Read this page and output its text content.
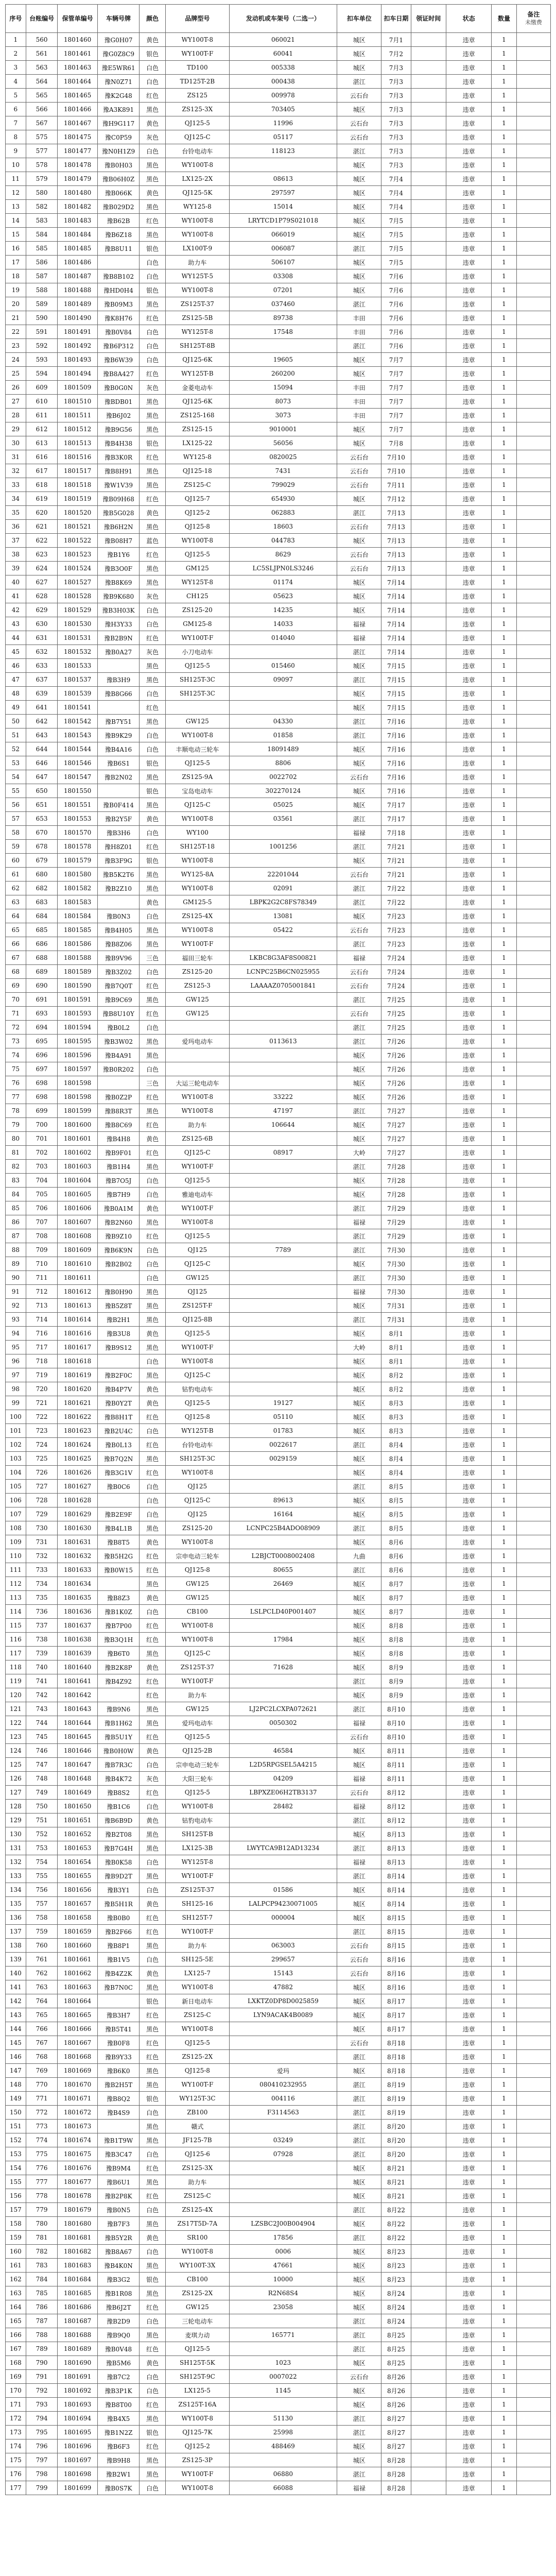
序号	台账编号	保管单编号	车辆号牌	颜色	品牌型号	发动机或车架号（二选一）	扣车单位	扣车日期	领证时间	状态	数量	备注
未缴费
1	560	1801460	豫G0H07	黄色	WY100T-8	060021	城区	7月1		违章	1	
2	561	1801461	豫G0Z8C9	银色	WY100T-F	60041	城区	7月2		违章	1	
3	563	1801463	豫E5WR61	白色	TD100	005338	城区	7月3		违章	1	
4	564	1801464	豫N0Z71	白色	TD125T-2B	000438	湛江	7月3		违章	1	
5	565	1801465	豫K2G48	红色	ZS125	009978	云石台	7月3		违章	1	
6	566	1801466	豫A3K891	黑色	ZS125-3X	703405	城区	7月3		违章	1	
7	567	1801467	豫H9G117	黄色	QJ125-5	11996	云石台	7月3		违章	1	
8	575	1801475	豫C0P59	灰色	QJ125-C	05117	云石台	7月3		违章	1	
9	577	1801477	豫N0H1Z9	白色	台铃电动车	118123	湛江	7月3		违章	1	
10	578	1801478	豫B0H03	黑色	WY100T-8		城区	7月3		违章	1	
11	579	1801479	豫B06H0Z	黑色	LX125-2X	08613	城区	7月4		违章	1	
12	580	1801480	豫B066K	黄色	QJ125-5K	297597	城区	7月4		违章	1	
13	582	1801482	豫B029D2	黑色	WY125-8	15014	城区	7月4		违章	1	
14	583	1801483	豫B62B	红色	WY100T-8	LRYTCD1P79S021018	城区	7月5		违章	1	
15	584	1801484	豫B6Z18	黑色	WY100T-8	066019	城区	7月5		违章	1	
16	585	1801485	豫B8U11	银色	LX100T-9	006087	湛江	7月5		违章	1	
17	586	1801486		白色	助力车	506107	城区	7月5		违章	1	
18	587	1801487	豫B8B102	白色	WY125T-5	03308	城区	7月6		违章	1	
19	588	1801488	豫HD0H4	银色	WY100T-8	07201	城区	7月6		违章	1	
20	589	1801489	豫B09M3	黑色	ZS125T-37	037460	湛江	7月6		违章	1	
21	590	1801490	豫K8H76	红色	ZS125-5B	89738	丰田	7月6		违章	1	
22	591	1801491	豫B0V84	白色	WY125T-8	17548	丰田	7月6		违章	1	
23	592	1801492	豫B6P312	白色	SH125T-8B		湛江	7月6		违章	1	
24	593	1801493	豫B6W39	白色	QJ125-6K	19605	城区	7月7		违章	1	
25	594	1801494	豫B8A427	红色	WY125T-B	260200	城区	7月7		违章	1	
26	609	1801509	豫B0G0N	灰色	金菱电动车	15094	丰田	7月7		违章	1	
27	610	1801510	豫BDB01	黑色	QJ125-6K	8073	丰田	7月7		违章	1	
28	611	1801511	豫B6J02	黑色	ZS125-168	3073	丰田	7月7		违章	1	
29	612	1801512	豫B9G56	黑色	ZS125-15	9010001	城区	7月7		违章	1	
30	613	1801513	豫B4H38	银色	LX125-22	56056	城区	7月8		违章	1	
31	616	1801516	豫B3K0R	红色	WY125-8	0820025	云石台	7月10		违章	1	
32	617	1801517	豫B8H91	黑色	QJ125-18	7431	云石台	7月10		违章	1	
33	618	1801518	豫W1V39	黑色	ZS125-C	799029	云石台	7月11		违章	1	
34	619	1801519	豫B09H68	红色	QJ125-7	654930	城区	7月12		违章	1	
35	620	1801520	豫B5G028	黄色	QJ125-2	062883	湛江	7月13		违章	1	
36	621	1801521	豫B6H2N	黑色	QJ125-8	18603	云石台	7月13		违章	1	
37	622	1801522	豫B08H7	蓝色	WY100T-8	044783	城区	7月13		违章	1	
38	623	1801523	豫B1Y6	红色	QJ125-5	8629	云石台	7月13		违章	1	
39	624	1801524	豫B3O0F	黑色	GM125	LC5SLJPN0LS3246	云石台	7月13		违章	1	
40	627	1801527	豫B8K69	黑色	WY125T-8	01174	城区	7月14		违章	1	
41	628	1801528	豫B9K680	灰色	CH125	05623	城区	7月14		违章	1	
42	629	1801529	豫B3H03K	白色	ZS125-20	14235	城区	7月14		违章	1	
43	630	1801530	豫H3Y33	白色	GM125-8	14033	福禄	7月14		违章	1	
44	631	1801531	豫B2B9N	红色	WY100T-F	014040	福禄	7月14		违章	1	
45	632	1801532	豫B0A27	灰色	小刀电动车		湛江	7月14		违章	1	
46	633	1801533		黑色	QJ125-5	015460	城区	7月15		违章	1	
47	637	1801537	豫B3H9	黑色	SH125T-3C	09097	湛江	7月15		违章	1	
48	639	1801539	豫B8G66	白色	SH125T-3C		城区	7月15		违章	1	
49	641	1801541		红色			城区	7月15		违章	1	
50	642	1801542	豫B7Y51	黑色	GW125	04330	湛江	7月16		违章	1	
51	643	1801543	豫B9K29	白色	WY100T-8	01858	湛江	7月16		违章	1	
52	644	1801544	豫B4A16	白色	丰顺电动三轮车	18091489	城区	7月16		违章	1	
53	646	1801546	豫B6S1	银色	QJ125-5	8806	城区	7月16		违章	1	
54	647	1801547	豫B2N02	黑色	ZS125-9A	0022702	云石台	7月16		违章	1	
55	650	1801550		银色	宝岛电动车	302270124	城区	7月16		违章	1	
56	651	1801551	豫B0F414	黑色	QJ125-C	05025	城区	7月17		违章	1	
57	653	1801553	豫B2Y5F	黄色	WY100T-8	03561	湛江	7月17		违章	1	
58	670	1801570	豫B3H6	白色	WY100		福禄	7月18		违章	1	
59	678	1801578	豫H8Z01	红色	SH125T-18	1001256	湛江	7月21		违章	1	
60	679	1801579	豫B3F9G	银色	WY100T-8		城区	7月21		违章	1	
61	680	1801580	豫B5K2T6	黑色	WY125-8A	22201044	云石台	7月21		违章	1	
62	682	1801582	豫B2Z10	黑色	WY100T-8	02091	湛江	7月22		违章	1	
63	683	1801583		黄色	GM125-5	LBPK2G2C8FS78349	湛江	7月22		违章	1	
64	684	1801584	豫B0N3	白色	ZS125-4X	13081	城区	7月23		违章	1	
65	685	1801585	豫B4H05	黑色	WY100T-8	05422	云石台	7月23		违章	1	
66	686	1801586	豫B8Z06	黑色	WY100T-F		湛江	7月23		违章	1	
67	688	1801588	豫B9V96	三色	福田三轮车	LKBC8G3AF8S00821	福禄	7月24		违章	1	
68	689	1801589	豫B3Z02	白色	ZS125-20	LCNPC25B6CN025955	云石台	7月24		违章	1	
69	690	1801590	豫B7Q0T	红色	ZS125-3	LAAAAZ0705001841	云石台	7月24		违章	1	
70	691	1801591	豫B9C69	黑色	GW125		湛江	7月25		违章	1	
71	693	1801593	豫B8U10Y	红色	GW125		云石台	7月25		违章	1	
72	694	1801594	豫B0L2	白色			湛江	7月25		违章	1	
73	695	1801595	豫B3W02	黑色	爱玛电动车	0113613	湛江	7月26		违章	1	
74	696	1801596	豫B4A91	黑色			城区	7月26		违章	1	
75	697	1801597	豫B0R202	白色			城区	7月26		违章	1	
76	698	1801598		三色	大运三轮电动车		城区	7月26		违章	1	
77	698	1801598	豫B0Z2P	红色	WY100T-8	33222	城区	7月26		违章	1	
78	699	1801599	豫B8R3T	黑色	WY100T-8	47197	湛江	7月27		违章	1	
79	700	1801600	豫B8C69	红色	助力车	106644	城区	7月27		违章	1	
80	701	1801601	豫B4H8	黄色	ZS125-6B		城区	7月27		违章	1	
81	702	1801602	豫B9F01	红色	QJ125-C	08917	大岭	7月27		违章	1	
82	703	1801603	豫B1H4	黑色	WY100T-F		湛江	7月28		违章	1	
83	704	1801604	豫B7O5J	白色	QJ125-5		城区	7月28		违章	1	
84	705	1801605	豫B7H9	白色	雅迪电动车		城区	7月28		违章	1	
85	706	1801606	豫B0A1M	黄色	WY100T-F		湛江	7月29		违章	1	
86	707	1801607	豫B2N60	黑色	WY100T-8		福禄	7月29		违章	1	
87	708	1801608	豫B9Z10	红色	QJ125-5		湛江	7月29		违章	1	
88	709	1801609	豫B6K9N	白色	QJ125	7789	湛江	7月30		违章	1	
89	710	1801610	豫B2B02	白色	QJ125-C		城区	7月30		违章	1	
90	711	1801611		白色	GW125		湛江	7月30		违章	1	
91	712	1801612	豫B0H90	黑色	QJ125		福禄	7月30		违章	1	
92	713	1801613	豫B5Z8T	黑色	ZS125T-F		城区	7月31		违章	1	
93	714	1801614	豫B2H1	黑色	QJ125-8B		湛江	7月31		违章	1	
94	716	1801616	豫B3U8	黄色	QJ125-5		城区	8月1		违章	1	
95	717	1801617	豫B9S12	黑色	WY100T-F		大岭	8月1		违章	1	
96	718	1801618		白色	WY100T-8		城区	8月1		违章	1	
97	719	1801619	豫B2F0C	黑色	QJ125-C		城区	8月2		违章	1	
98	720	1801620	豫B4P7V	黄色	钻豹电动车		城区	8月2		违章	1	
99	721	1801621	豫B0Y2T	黄色	QJ125-5	19127	城区	8月3		违章	1	
100	722	1801622	豫B8H1T	红色	QJ125-8	05110	城区	8月3		违章	1	
101	723	1801623	豫B2U4C	白色	WY125T-B	01783	城区	8月3		违章	1	
102	724	1801624	豫B0L13	红色	台铃电动车	0022617	湛江	8月4		违章	1	
103	725	1801625	豫B7Q2N	黑色	SH125T-3C	0029159	城区	8月4		违章	1	
104	726	1801626	豫B3G1V	红色	WY100T-8		城区	8月4		违章	1	
105	727	1801627	豫B0C6	白色	QJ125		湛江	8月5		违章	1	
106	728	1801628		白色	QJ125-C	89613	城区	8月5		违章	1	
107	729	1801629	豫B2E9F	白色	QJ125	16164	城区	8月5		违章	1	
108	730	1801630	豫B4L1B	黑色	ZS125-20	LCNPC25B4ADO08909	湛江	8月5		违章	1	
109	731	1801631	豫B8T5	黄色	WY100T-8		城区	8月6		违章	1	
110	732	1801632	豫B5H2G	红色	宗申电动三轮车	L2BJCT0008002408	九曲	8月6		违章	1	
111	733	1801633	豫B0W15	红色	QJ125-8	80655	湛江	8月6		违章	1	
112	734	1801634		黑色	GW125	26469	城区	8月7		违章	1	
113	735	1801635	豫B8Z3	黄色	GW125		城区	8月7		违章	1	
114	736	1801636	豫B1K0Z	白色	CB100	LSLPCLD40P001407	城区	8月7		违章	1	
115	737	1801637	豫B7P00	红色	WY100T-8		城区	8月8		违章	1	
116	738	1801638	豫B3Q1H	红色	WY100T-8	17984	城区	8月8		违章	1	
117	739	1801639	豫B6T0	黑色	QJ125-C		城区	8月8		违章	1	
118	740	1801640	豫B2K8P	黄色	ZS125T-37	71628	城区	8月9		违章	1	
119	741	1801641	豫B4Z92	红色	WY100T-F		湛江	8月9		违章	1	
120	742	1801642		红色	助力车		城区	8月9		违章	1	
121	743	1801643	豫B9N6	黑色	GW125	LJ2PC2LCXPA072621	湛江	8月10		违章	1	
122	744	1801644	豫B1H62	黑色	爱玛电动车	0050302	福禄	8月10		违章	1	
123	745	1801645	豫B5U1Y	红色	QJ125-5		云石台	8月10		违章	1	
124	746	1801646	豫B0H0W	黄色	QJ125-2B	46584	城区	8月11		违章	1	
125	747	1801647	豫B7R3C	白色	宗申电动三轮车	L2D5RPGSEL5A4215	城区	8月11		违章	1	
126	748	1801648	豫B4K72	灰色	大阳三轮车	04209	福禄	8月11		违章	1	
127	749	1801649	豫B8S2	红色	QJ125-5	LBPXZE06H2TB3137	云石台	8月12		违章	1	
128	750	1801650	豫B1C6	白色	WY100T-8	28482	福禄	8月12		违章	1	
129	751	1801651	豫B6B9D	黄色	钻豹电动车		湛江	8月12		违章	1	
130	752	1801652	豫B2T08	黑色	SH125T-B		城区	8月13		违章	1	
131	753	1801653	豫B7G4H	黑色	LX125-3B	LWYTCA9B12AD13234	湛江	8月13		违章	1	
132	754	1801654	豫B0K58	白色	WY125T-8		福禄	8月13		违章	1	
133	755	1801655	豫B9D2T	黑色	WY100T-F		湛江	8月14		违章	1	
134	756	1801656	豫B3Y1	白色	ZS125T-37	01586	城区	8月14		违章	1	
135	757	1801657	豫B5H1R	黄色	SH125-16	LALPCP94230071005	城区	8月14		违章	1	
136	758	1801658	豫B0B0	红色	SH125T-7	000004	城区	8月15		违章	1	
137	759	1801659	豫B2F66	红色	WY100T-F		湛江	8月15		违章	1	
138	760	1801660	豫B8P1	黑色	助力车	063003	云石台	8月15		违章	1	
139	761	1801661	豫B1V5	白色	SH125-5E	299657	云石台	8月16		违章	1	
140	762	1801662	豫B4Z2K	黄色	LX125-7	15143	云石台	8月16		违章	1	
141	763	1801663	豫B7N0C	黑色	WY100T-8	47882	城区	8月16		违章	1	
142	764	1801664		银色	新日电动车	LXKTZ0DP8D0025859	城区	8月17		违章	1	
143	765	1801665	豫B3H7	红色	ZS125-C	LYN9ACAK4B0089	城区	8月17		违章	1	
144	766	1801666	豫B5T41	黑色	WY100T-8		城区	8月17		违章	1	
145	767	1801667	豫B0F8	红色	QJ125-5		云石台	8月18		违章	1	
146	768	1801668	豫B9Y33	红色	ZS125-2X		湛江	8月18		违章	1	
147	769	1801669	豫B6K0	黑色	QJ125-8	爱玛	城区	8月18		违章	1	
148	770	1801670	豫B2H5T	黑色	WY100T-F	080410232955	湛江	8月19		违章	1	
149	771	1801671	豫B8Q2	银色	WY125T-3C	004116	湛江	8月19		违章	1	
150	772	1801672	豫B4S9	白色	ZB100	F3114563	湛江	8月19		违章	1	
151	773	1801673		黑色	赣式		湛江	8月20		违章	1	
152	774	1801674	豫B1T9W	黑色	JF125-7B	03249	湛江	8月20		违章	1	
153	775	1801675	豫B3C47	白色	QJ125-6	07928	湛江	8月20		违章	1	
154	776	1801676	豫B9M4	红色	ZS125-3X		城区	8月21		违章	1	
155	777	1801677	豫B6U1	黑色	助力车		城区	8月21		违章	1	
156	778	1801678	豫B2P8K	红色	ZS125-C		城区	8月21		违章	1	
157	779	1801679	豫B0N5	白色	ZS125-4X		湛江	8月22		违章	1	
158	780	1801680	豫B7F3	黑色	ZS17T5D-7A	LZSBC2J00B004904	城区	8月22		违章	1	
159	781	1801681	豫B5Y2R	黄色	SR100	17856	湛江	8月22		违章	1	
160	782	1801682	豫B8A67	白色	WY100T-8	0006	城区	8月23		违章	1	
161	783	1801683	豫B4K0N	黑色	WY100T-3X	47661	城区	8月23		违章	1	
162	784	1801684	豫B3G2	银色	CB100	10000	城区	8月23		违章	1	
163	785	1801685	豫B1R08	黑色	ZS125-2X	R2N68S4	城区	8月24		违章	1	
164	786	1801686	豫B6J2T	红色	GW125	23058	城区	8月24		违章	1	
165	787	1801687	豫B2D9	白色	三轮电动车		湛江	8月24		违章	1	
166	788	1801688	豫B9Q0	黑色	麦琪力动	165771	湛江	8月25		违章	1	
167	789	1801689	豫B0V48	红色	QJ125-5		湛江	8月25		违章	1	
168	790	1801690	豫B5M6	黄色	SH125T-5K	1023	城区	8月25		违章	1	
169	791	1801691	豫B7C2	白色	SH125T-9C	0007022	云石台	8月26		违章	1	
170	792	1801692	豫B3P1K	白色	LX125-5	1145	城区	8月26		违章	1	
171	793	1801693	豫B8T00	红色	ZS125T-16A		城区	8月26		违章	1	
172	794	1801694	豫B4X5	黑色	WY100T-8	51130	湛江	8月27		违章	1	
173	795	1801695	豫B1N2Z	银色	QJ125-7K	25998	湛江	8月27		违章	1	
174	796	1801696	豫B6F3	红色	QJ125-2	488469	城区	8月27		违章	1	
175	797	1801697	豫B9H8	黑色	ZS125-3P		城区	8月28		违章	1	
176	798	1801698	豫B2W1	黑色	WY100T-F	06880	湛江	8月28		违章	1	
177	799	1801699	豫B0S7K	白色	WY100T-8	66088	福禄	8月28		违章	1	
